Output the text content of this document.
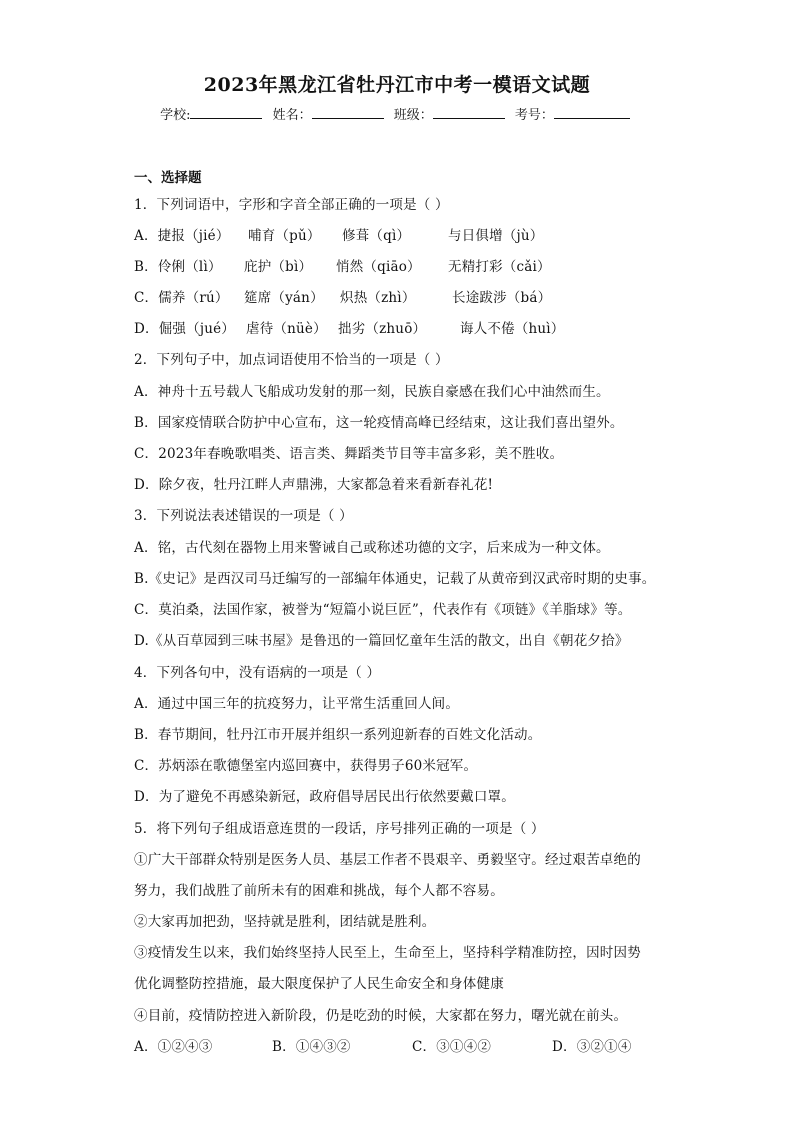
2023年黑龙江省牡丹江市中考一模语文试题
学校:	姓名：	班级：	考号：
一、选择题
1．下列词语中，字形和字音全部正确的一项是（ ）
A．捷报（jié） 哺育（pǔ） 修葺（qì）	与日俱增（jù）
B．伶俐（lì） 庇护（bì） 悄然（qiāo） 无精打彩（cǎi）
C．儒养（rú） 筵席（yán） 炽热（zhì）	长途跋涉（bá）
D．倔强（jué） 虐待（nüè） 拙劣（zhuō）	诲人不倦（huì）
2．下列句子中，加点词语使用不恰当的一项是（ ）
A．神舟十五号载人飞船成功发射的那一刻，民族自豪感在我们心中油然而生。
B．国家疫情联合防护中心宣布，这一轮疫情高峰已经结束，这让我们喜出望外。
C．2023年春晚歌唱类、语言类、舞蹈类节目等丰富多彩，美不胜收。
D．除夕夜，牡丹江畔人声鼎沸，大家都急着来看新春礼花!
3．下列说法表述错误的一项是（ ）
A．铭，古代刻在器物上用来警诫自己或称述功德的文字，后来成为一种文体。
B.《史记》是西汉司马迁编写的一部编年体通史，记载了从黄帝到汉武帝时期的史事。
C．莫泊桑，法国作家，被誉为“短篇小说巨匠”，代表作有《项链》《羊脂球》等。
D.《从百草园到三味书屋》是鲁迅的一篇回忆童年生活的散文，出自《朝花夕拾》
4．下列各句中，没有语病的一项是（ ）
A．通过中国三年的抗疫努力，让平常生活重回人间。
B．春节期间，牡丹江市开展并组织一系列迎新春的百姓文化活动。
C．苏炳添在歌德堡室内巡回赛中，获得男子60米冠军。
D．为了避免不再感染新冠，政府倡导居民出行依然要戴口罩。
5．将下列句子组成语意连贯的一段话，序号排列正确的一项是（ ）
①广大干部群众特别是医务人员、基层工作者不畏艰辛、勇毅坚守。经过艰苦卓绝的
努力，我们战胜了前所未有的困难和挑战，每个人都不容易。
②大家再加把劲，坚持就是胜利，团结就是胜利。
③疫情发生以来，我们始终坚持人民至上，生命至上，坚持科学精准防控，因时因势
优化调整防控措施，最大限度保护了人民生命安全和身体健康
④目前，疫情防控进入新阶段，仍是吃劲的时候，大家都在努力，曙光就在前头。
A．①②④③	B．①④③②	C．③①④②	D．③②①④
